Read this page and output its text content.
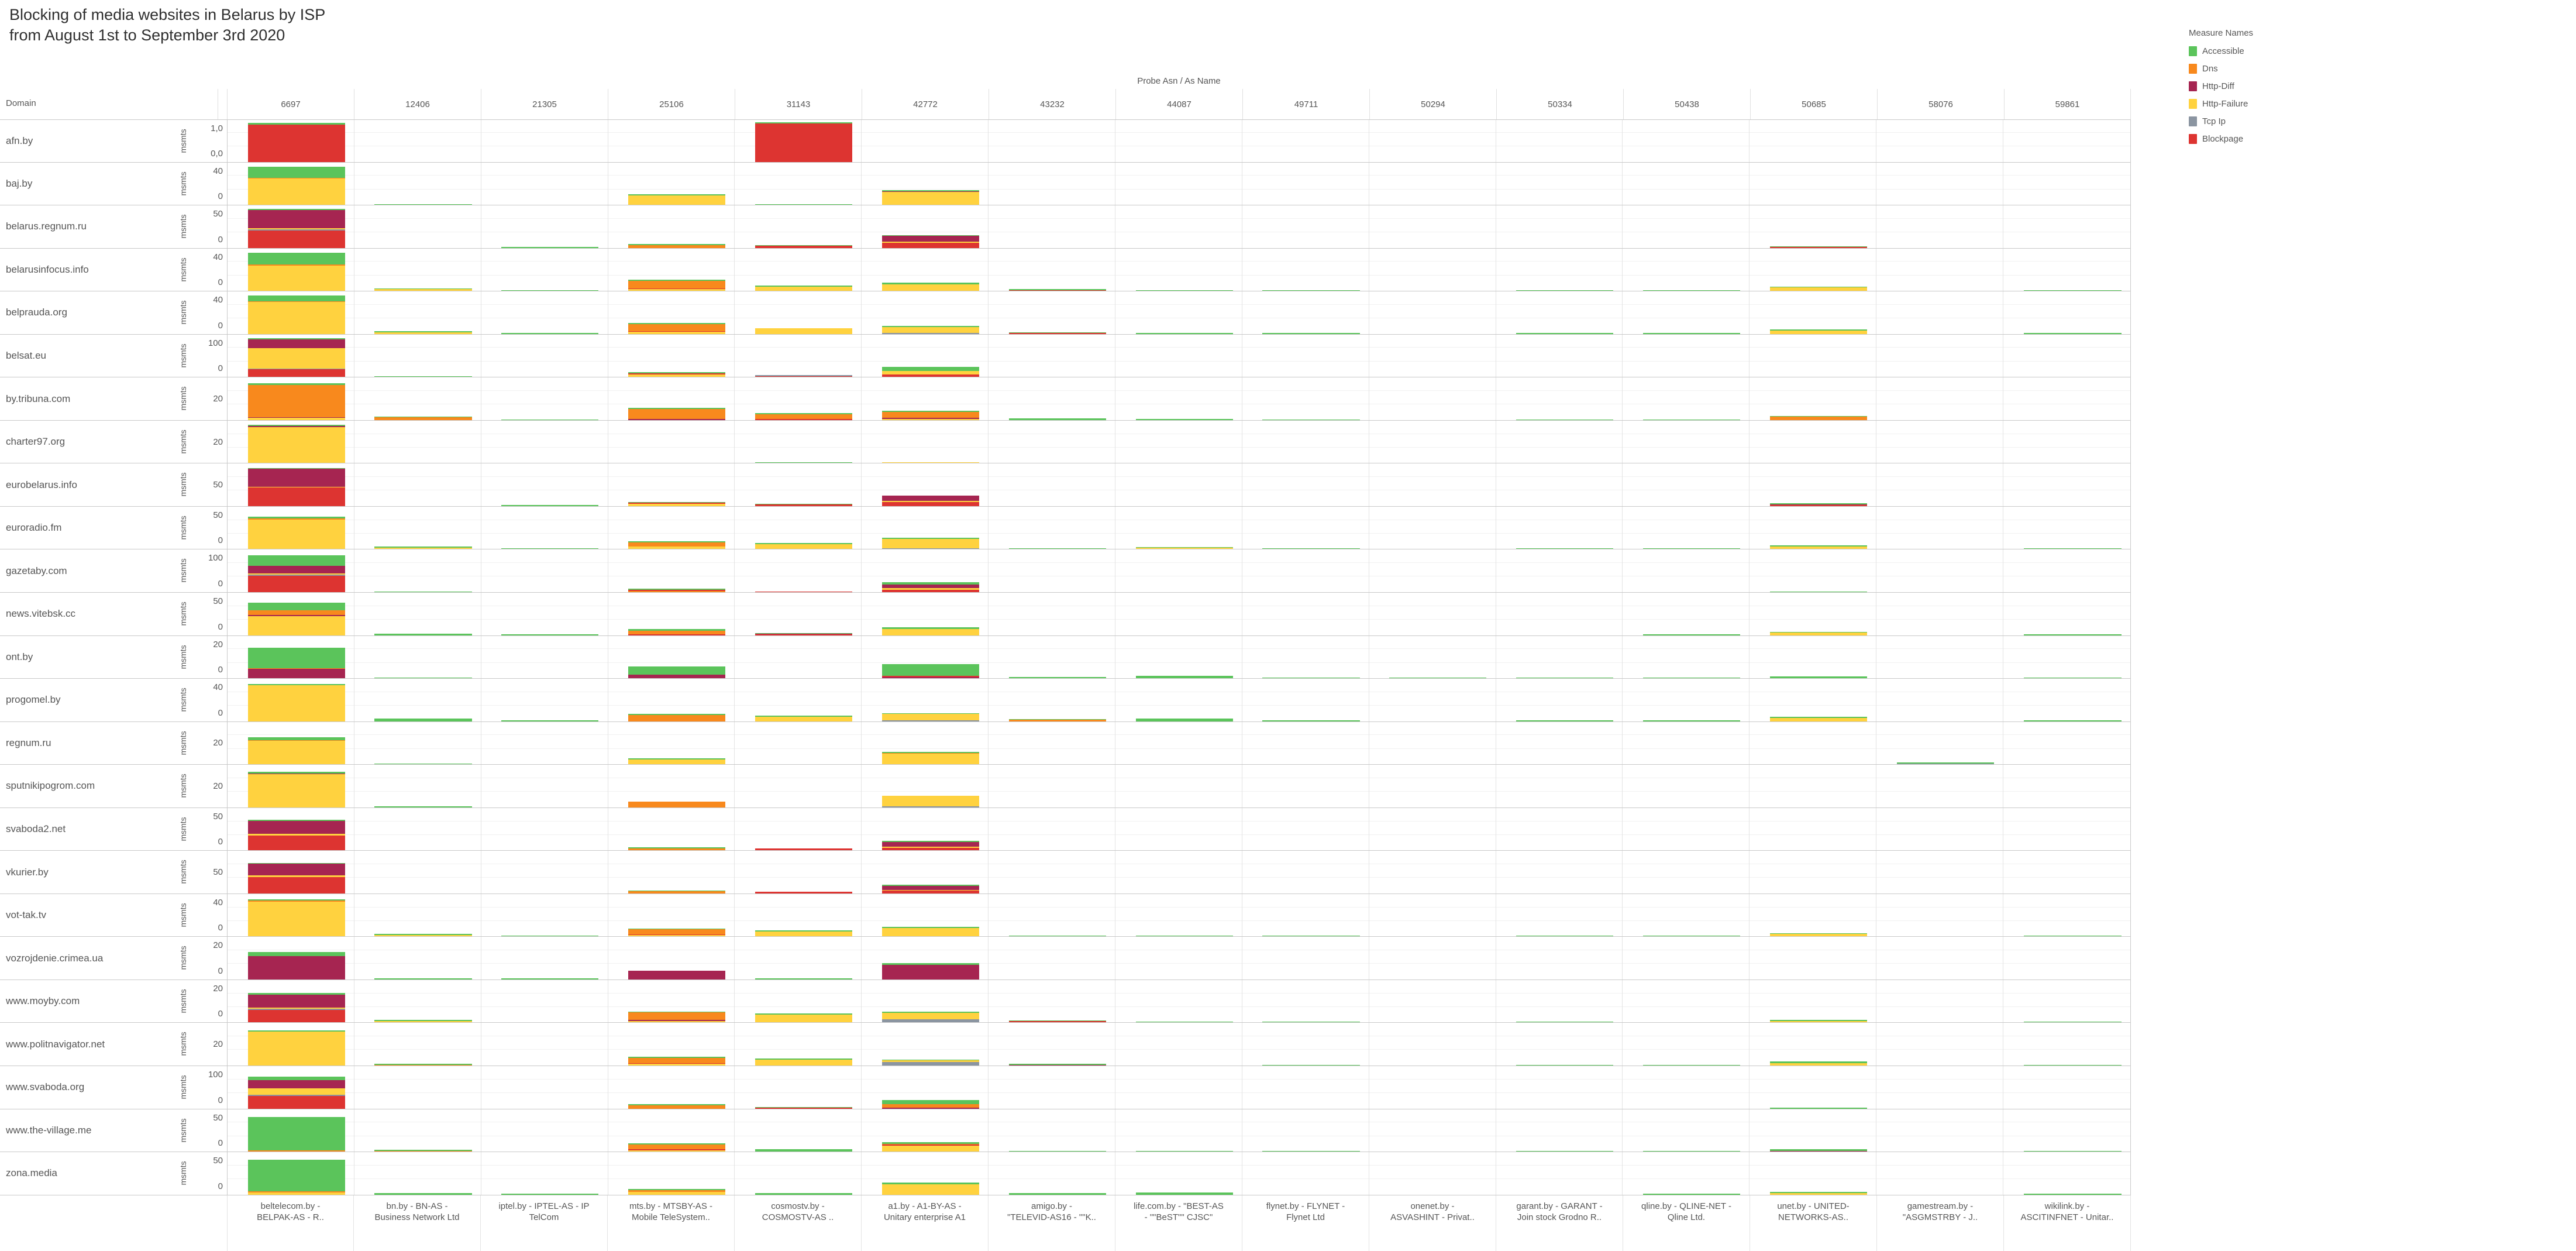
Blocking of media websites in Belarus by ISP
from August 1st to September 3rd 2020
Probe Asn / As Name
Domain	6697	12406	21305	25106	31143	42772	43232	44087	49711	50294	50334	50438	50685	58076	59861
afn.by	msmts
1,0
0,0
baj.by	msmts
40
0
belarus.regnum.ru	msmts
50
0
belarusinfocus.info	msmts
40
0
belprauda.org	msmts
40
0
belsat.eu	msmts
100
0
by.tribuna.com	msmts	20
charter97.org	msmts	20
eurobelarus.info	msmts	50
euroradio.fm	msmts
50
0
gazetaby.com	msmts
100
0
news.vitebsk.cc	msmts
50
0
ont.by	msmts
20
0
progomel.by	msmts
40
0
regnum.ru	msmts	20
sputnikipogrom.com	msmts	20
svaboda2.net	msmts
50
0
vkurier.by	msmts	50
vot-tak.tv	msmts
40
0
vozrojdenie.crimea.ua	msmts
20
0
www.moyby.com	msmts
20
0
www.politnavigator.net	msmts	20
www.svaboda.org	msmts
100
0
www.the-village.me	msmts
50
0
zona.media	msmts
50
0
beltelecom.by -
BELPAK-AS - R..
bn.by - BN-AS -
Business Network Ltd
iptel.by - IPTEL-AS - IP
TelCom
mts.by - MTSBY-AS -
Mobile TeleSystem..
cosmostv.by -
COSMOSTV-AS ..
a1.by - A1-BY-AS -
Unitary enterprise A1
amigo.by -
"TELEVID-AS16 - ""K..
life.com.by - "BEST-AS
- ""BeST"" CJSC"
flynet.by - FLYNET -
Flynet Ltd
onenet.by -
ASVASHINT - Privat..
garant.by - GARANT -
Join stock Grodno R..
qline.by - QLINE-NET -
Qline Ltd.
unet.by - UNITED-
NETWORKS-AS..
gamestream.by -
"ASGMSTRBY - J..
wikilink.by -
ASCITINFNET - Unitar..
Measure Names
Accessible
Dns
Http-Diff
Http-Failure
Tcp Ip
Blockpage
